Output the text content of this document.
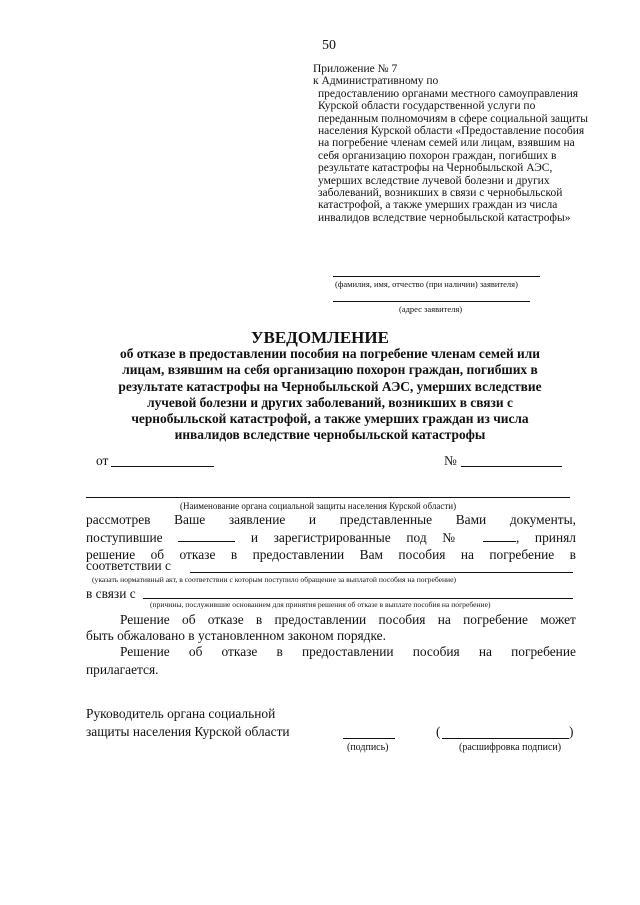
50
Приложение № 7
к Административному по
предоставлению органами местного самоуправления
Курской области государственной услуги по
переданным полномочиям в сфере социальной защиты
населения Курской области «Предоставление пособия
на погребение членам семей или лицам, взявшим на
себя организацию похорон граждан, погибших в
результате катастрофы на Чернобыльской АЭС,
умерших вследствие лучевой болезни и других
заболеваний, возникших в связи с чернобыльской
катастрофой, а также умерших граждан из числа
инвалидов вследствие чернобыльской катастрофы»
(фамилия, имя, отчество (при наличии) заявителя)
(адрес заявителя)
УВЕДОМЛЕНИЕ
об отказе в предоставлении пособия на погребение членам семей или
лицам, взявшим на себя организацию похорон граждан, погибших в
результате катастрофы на Чернобыльской АЭС, умерших вследствие
лучевой болезни и других заболеваний, возникших в связи с
чернобыльской катастрофой, а также умерших граждан из числа
инвалидов вследствие чернобыльской катастрофы
от	№
(Наименование органа социальной защиты населения Курской области)
рассмотрев Ваше заявление и представленные Вами документы,
поступившие	и зарегистрированные под №	, принял
решение об отказе в предоставлении Вам пособия на погребение в
соответствии с
(указать нормативный акт, в соответствии с которым поступило обращение за выплатой пособия на погребение)
в связи с
(причины, послужившие основанием для принятия решения об отказе в выплате пособия на погребение)
Решение об отказе в предоставлении пособия на погребение может
быть обжаловано в установленном законом порядке.
Решение об отказе в предоставлении пособия на погребение
прилагается.
Руководитель органа социальной
защиты населения Курской области	(	)
(подпись)	(расшифровка подписи)
